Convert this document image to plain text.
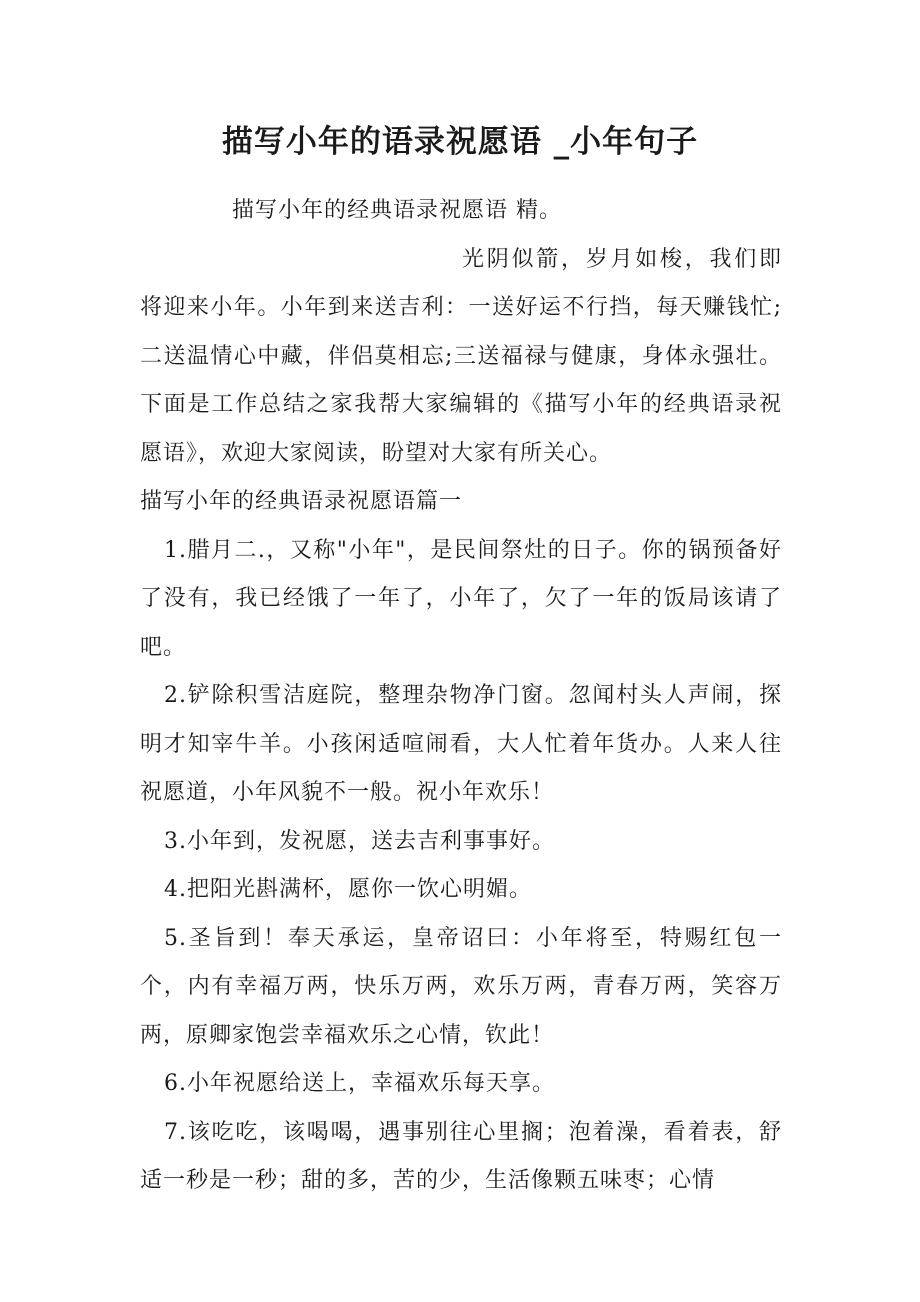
描写小年的语录祝愿语 _小年句子

描写小年的经典语录祝愿语 精。

光阴似箭，岁月如梭，我们即将迎来小年。小年到来送吉利：一送好运不行挡，每天赚钱忙;二送温情心中藏，伴侣莫相忘;三送福禄与健康，身体永强壮。下面是工作总结之家我帮大家编辑的《描写小年的经典语录祝愿语》，欢迎大家阅读，盼望对大家有所关心。

描写小年的经典语录祝愿语篇一

1.腊月二.，又称"小年"，是民间祭灶的日子。你的锅预备好了没有，我已经饿了一年了，小年了，欠了一年的饭局该请了吧。

2.铲除积雪洁庭院，整理杂物净门窗。忽闻村头人声闹，探明才知宰牛羊。小孩闲适喧闹看，大人忙着年货办。人来人往祝愿道，小年风貌不一般。祝小年欢乐！

3.小年到，发祝愿，送去吉利事事好。

4.把阳光斟满杯，愿你一饮心明媚。

5.圣旨到！奉天承运，皇帝诏曰：小年将至，特赐红包一个，内有幸福万两，快乐万两，欢乐万两，青春万两，笑容万两，原卿家饱尝幸福欢乐之心情，钦此！

6.小年祝愿给送上，幸福欢乐每天享。

7.该吃吃，该喝喝，遇事别往心里搁；泡着澡，看着表，舒适一秒是一秒；甜的多，苦的少，生活像颗五味枣；心情
